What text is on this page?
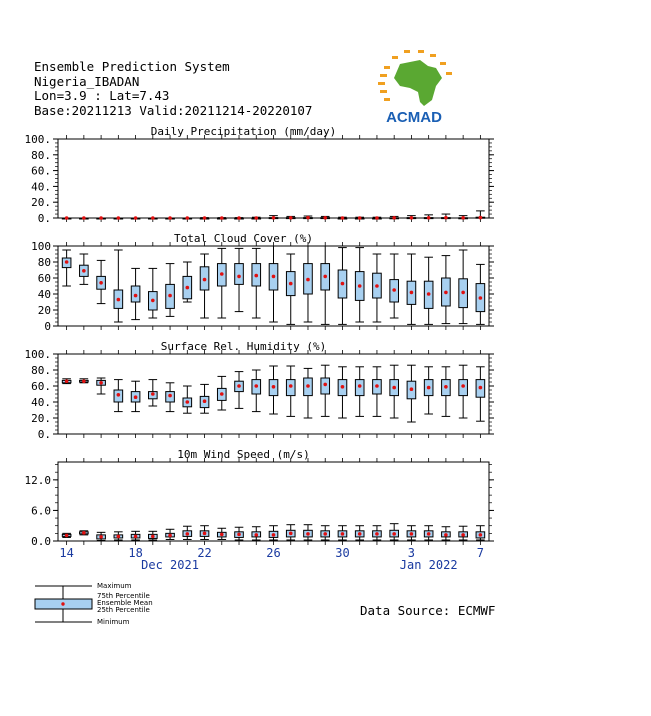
Ensemble Prediction System
Nigeria_IBADAN
Lon=3.9 : Lat=7.43
Base:20211213 Valid:20211214-20220107	ACMAD
Daily Precipitation (mm/day)
0.
20.
40.
60.
80.
100.
Total Cloud Cover (%)
0
20
40
60
80
100
Surface Rel. Humidity (%)
0.
20.
40.
60.
80.
100.
10m Wind Speed (m/s)
0.0
6.0
12.0
14	18	22	26	30	3	7
Dec 2021	Jan 2022
Maximum
75th Percentile
Ensemble Mean
25th Percentile
Minimum
Data Source: ECMWF
